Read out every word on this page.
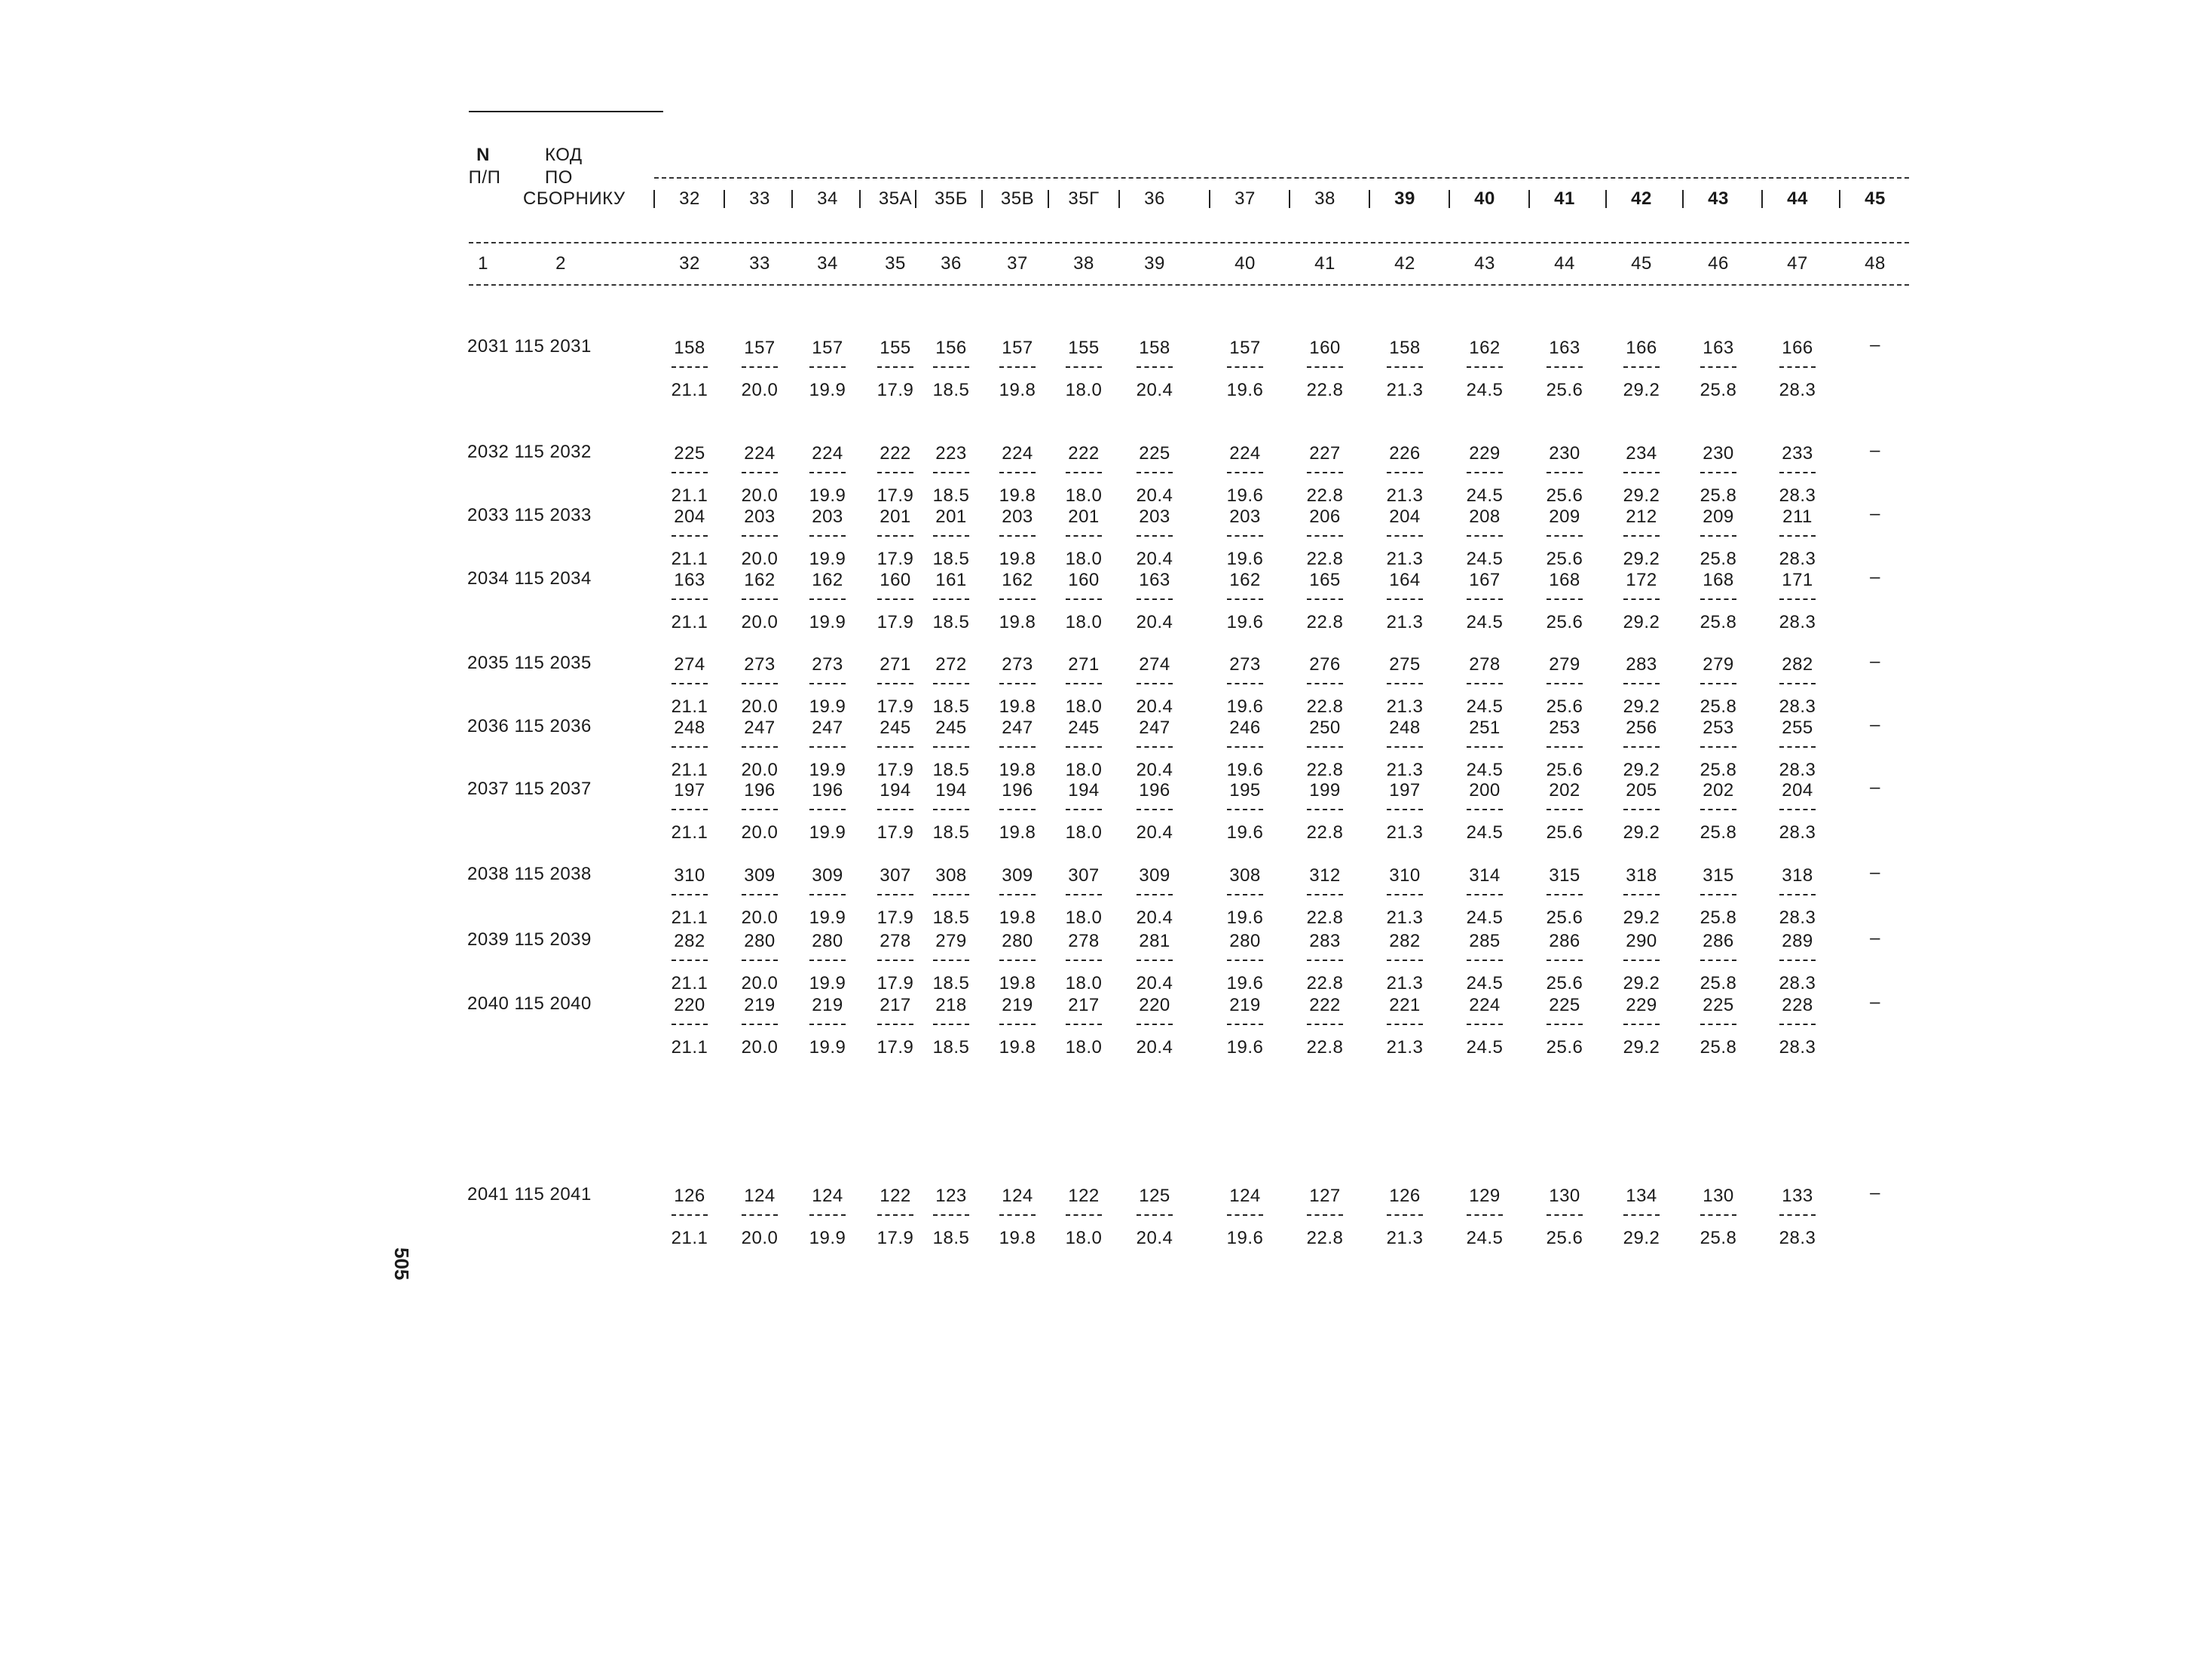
N
П/П
КОД
ПО
СБОРНИКУ	32	33	34 35А 35Б 35В 35Г 36	37	38	39	40	41	42	43	44	45
1	2	32	33	34	35 36	37	38	39	40	41	42	43	44	45	46	47	48
2031 115 2031	158 157 157 155 156 157 155 158	157	160	158	162	163	166	163	166
21.1 20.0 19.9 17.9 18.5 19.8 18.0 20.4	19.6 22.8 21.3 24.5 25.6 29.2 25.8 28.3
–
2032 115 2032	225 224 224 222 223 224 222 225	224	227	226	229	230	234	230	233
21.1 20.0 19.9 17.9 18.5 19.8 18.0 20.4	19.6 22.8 21.3 24.5 25.6 29.2 25.8 28.3
–
2033 115 2033	204 203 203 201 201 203 201 203	203	206	204	208	209	212	209	211
21.1 20.0 19.9 17.9 18.5 19.8 18.0 20.4	19.6 22.8 21.3 24.5 25.6 29.2 25.8 28.3
–
2034 115 2034	163 162 162 160 161 162 160 163	162	165	164	167	168	172	168	171
21.1 20.0 19.9 17.9 18.5 19.8 18.0 20.4	19.6 22.8 21.3 24.5 25.6 29.2 25.8 28.3
–
2035 115 2035	274 273 273 271 272 273 271 274	273	276	275	278	279	283	279	282
21.1 20.0 19.9 17.9 18.5 19.8 18.0 20.4	19.6 22.8 21.3 24.5 25.6 29.2 25.8 28.3
–
2036 115 2036	248 247 247 245 245 247 245 247	246	250	248	251	253	256	253	255
21.1 20.0 19.9 17.9 18.5 19.8 18.0 20.4	19.6 22.8 21.3 24.5 25.6 29.2 25.8 28.3
–
2037 115 2037	197 196 196 194 194 196 194 196	195	199	197	200	202	205	202	204
21.1 20.0 19.9 17.9 18.5 19.8 18.0 20.4	19.6 22.8 21.3 24.5 25.6 29.2 25.8 28.3
–
2038 115 2038	310 309 309 307 308 309 307 309	308	312	310	314	315	318	315	318
21.1 20.0 19.9 17.9 18.5 19.8 18.0 20.4	19.6 22.8 21.3 24.5 25.6 29.2 25.8 28.3
–
2039 115 2039	282 280 280 278 279 280 278 281	280	283	282	285	286	290	286	289
21.1 20.0 19.9 17.9 18.5 19.8 18.0 20.4	19.6 22.8 21.3 24.5 25.6 29.2 25.8 28.3
–
2040 115 2040	220 219 219 217 218 219 217 220	219	222	221	224	225	229	225	228
21.1 20.0 19.9 17.9 18.5 19.8 18.0 20.4	19.6 22.8 21.3 24.5 25.6 29.2 25.8 28.3
–
2041 115 2041	126 124 124 122 123 124 122 125	124	127	126	129	130	134	130	133
21.1 20.0 19.9 17.9 18.5 19.8 18.0 20.4	19.6 22.8 21.3 24.5 25.6 29.2 25.8 28.3
–
505
